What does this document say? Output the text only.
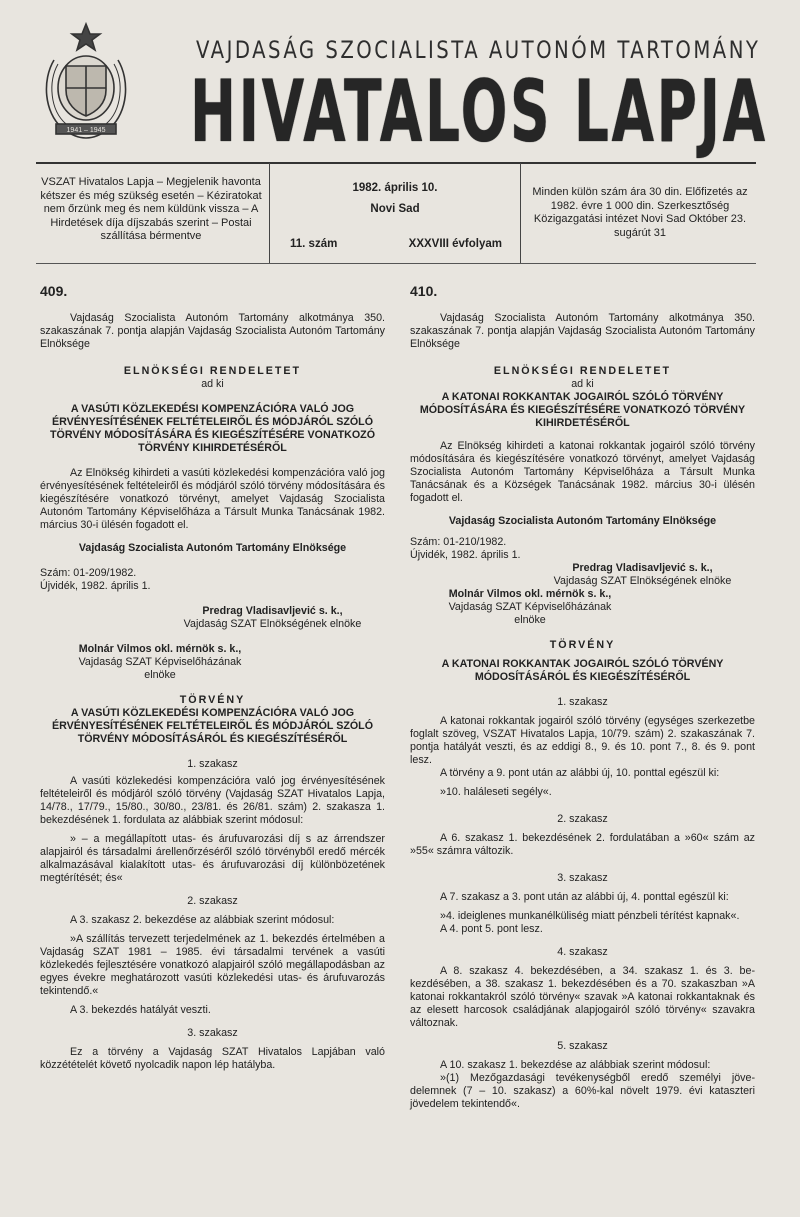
1941 – 1945
VAJDASÁG SZOCIALISTA AUTONÓM TARTOMÁNY
HIVATALOS LAPJA
VSZAT Hivatalos Lapja – Megjelenik havonta kétszer és még szükség esetén – Kéziratokat nem őrzünk meg és nem küldünk vissza – A Hirdetések díja díjszabás szerint – Postai szállítása bérmentve
1982. április 10.
Novi Sad
11. szám	XXXVIII évfolyam
Minden külön szám ára 30 din. Előfizetés az 1982. évre 1 000 din. Szerkesztőség Közigazgatási intézet Novi Sad Október 23. sugárút 31
409.

Vajdaság Szocialista Autonóm Tartomány alkotmánya 350. szakaszának 7. pontja alapján Vajdaság Szocialista Autonóm Tartomány Elnöksége

ELNÖKSÉGI RENDELETET

ad ki

A VASÚTI KÖZLEKEDÉSI KOMPENZÁCIÓRA VALÓ JOG ÉRVÉNYESÍTÉSÉNEK FELTÉTELEIRŐL ÉS MÓDJÁRÓL SZÓLÓ TÖRVÉNY MÓDOSÍTÁSÁRA ÉS KIEGÉSZÍTÉSÉRE VONATKOZÓ TÖRVÉNY KIHIRDETÉSÉRŐL

Az Elnökség kihirdeti a vasúti közlekedési kompenzációra való jog érvényesítésének feltételeiről és módjáról szóló törvény módosítására és kiegészítésére vonatkozó törvényt, amelyet Vajdaság Szocialista Autonóm Tartomány Képviselőháza a Társult Munka Tanácsának 1982. március 30-i ülésén fogadott el.

Vajdaság Szocialista Autonóm Tartomány Elnöksége

Szám: 01-209/1982.

Újvidék, 1982. április 1.

Predrag Vladisavljević s. k.,

Vajdaság SZAT Elnökségének elnöke

Molnár Vilmos okl. mérnök s. k.,

Vajdaság SZAT Képviselőházának

elnöke

TÖRVÉNY

A VASÚTI KÖZLEKEDÉSI KOMPENZÁCIÓRA VALÓ JOG ÉRVÉNYESÍTÉSÉNEK FELTÉTELEIRŐL ÉS MÓDJÁRÓL SZÓLÓ TÖRVÉNY MÓDOSÍTÁSÁRÓL ÉS KIEGÉSZÍTÉSÉRŐL

1. szakasz

A vasúti közlekedési kompenzációra való jog érvényesítésének feltételeiről és módjáról szóló törvény (Vajdaság SZAT Hivatalos Lapja, 14/78., 17/79., 15/80., 30/80., 23/81. és 26/81. szám) 2. szakasza 1. bekezdésének 1. fordulata az alábbiak szerint módosul:

» – a megállapított utas- és árufuvarozási díj s az árrendszer alapjairól és társadalmi árellenőrzéséről szóló törvényből eredő mércék alkalmazásával kialakított utas- és árufuvarozási díj különbözetének megtérítését; és«

2. szakasz

A 3. szakasz 2. bekezdése az alábbiak szerint módosul:

»A szállítás tervezett terjedelmének az 1. bekezdés értelmében a Vajdaság SZAT 1981 – 1985. évi társadalmi tervének a vasúti közlekedés fejlesztésére vonatkozó alapjairól szóló megállapodásban az egyes évekre meghatározott vasúti közlekedési utas- és árufuvarozás tekintendő.«

A 3. bekezdés hatályát veszti.

3. szakasz

Ez a törvény a Vajdaság SZAT Hivatalos Lapjában való közzétételét követő nyolcadik napon lép hatályba.

410.

Vajdaság Szocialista Autonóm Tartomány alkotmánya 350. szakaszának 7. pontja alapján Vajdaság Szocialista Autonóm Tartomány Elnöksége

ELNÖKSÉGI RENDELETET

ad ki

A KATONAI ROKKANTAK JOGAIRÓL SZÓLÓ TÖRVÉNY MÓDOSÍTÁSÁRA ÉS KIEGÉSZÍTÉSÉRE VONATKOZÓ TÖRVÉNY KIHIRDETÉSÉRŐL

Az Elnökség kihirdeti a katonai rokkantak jogairól szóló törvény módosítására és kiegészítésére vonatkozó törvényt, amelyet Vajdaság Szocialista Autonóm Tartomány Képviselőháza a Társult Munka Tanácsának és a Községek Tanácsának 1982. március 30-i ülésén fogadott el.

Vajdaság Szocialista Autonóm Tartomány Elnöksége

Szám: 01-210/1982.

Újvidék, 1982. április 1.

Predrag Vladisavljević s. k.,

Vajdaság SZAT Elnökségének elnöke

Molnár Vilmos okl. mérnök s. k.,

Vajdaság SZAT Képviselőházának

elnöke

TÖRVÉNY

A KATONAI ROKKANTAK JOGAIRÓL SZÓLÓ TÖRVÉNY MÓDOSÍTÁSÁRÓL ÉS KIEGÉSZÍTÉSÉRŐL

1. szakasz

A katonai rokkantak jogairól szóló törvény (egységes szerkezetbe foglalt szöveg, VSZAT Hivatalos Lapja, 10/79. szám) 2. szakaszának 7. pontja hatályát veszti, és az eddigi 8., 9. és 10. pont 7., 8. és 9. pont lesz.

A törvény a 9. pont után az alábbi új, 10. ponttal egészül ki:

»10. haláleseti segély«.

2. szakasz

A 6. szakasz 1. bekezdésének 2. fordulatában a »60« szám az »55« számra változik.

3. szakasz

A 7. szakasz a 3. pont után az alábbi új, 4. ponttal egészül ki:

»4. ideiglenes munkanélküliség miatt pénzbeli térítést kapnak«.

A 4. pont 5. pont lesz.

4. szakasz

A 8. szakasz 4. bekezdésében, a 34. szakasz 1. és 3. bekezdésében, a 38. szakasz 1. bekezdésében és a 70. szakaszban »A katonai rokkantakról szóló törvény« szavak »A katonai rokkantaknak és az elesett harcosok családjának alapjogairól szóló törvény« szavakra változnak.

5. szakasz

A 10. szakasz 1. bekezdése az alábbiak szerint módosul:

»(1) Mezőgazdasági tevékenységből eredő személyi jövedelemnek (7 – 10. szakasz) a 60%-kal növelt 1979. évi kataszteri jövedelem tekintendő«.
